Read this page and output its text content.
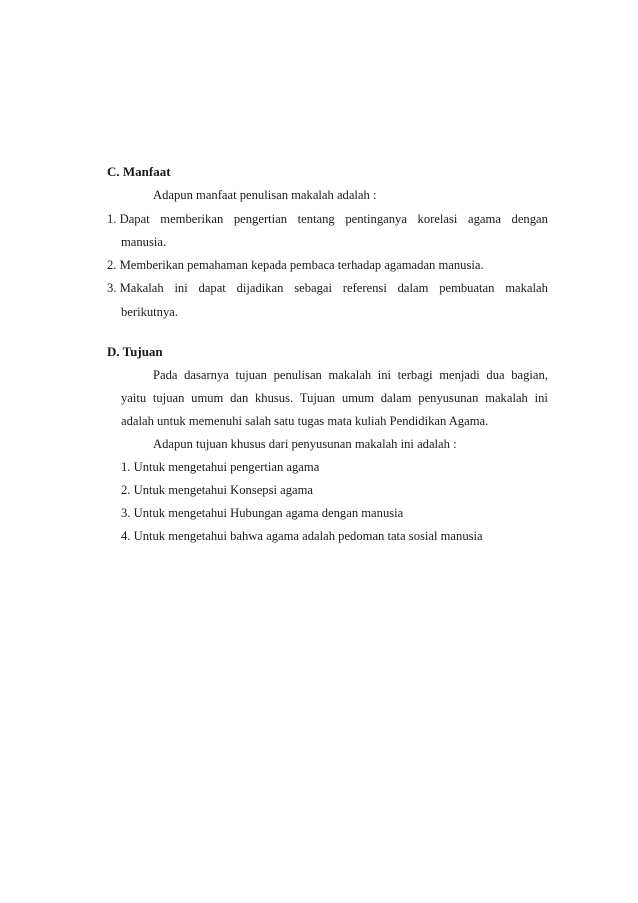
C. Manfaat
Adapun manfaat penulisan makalah adalah :
1. Dapat memberikan pengertian tentang pentinganya korelasi agama dengan
manusia.
2. Memberikan pemahaman kepada pembaca terhadap agamadan manusia.
3. Makalah ini dapat dijadikan sebagai referensi dalam pembuatan makalah
berikutnya.
D. Tujuan
Pada dasarnya tujuan penulisan makalah ini terbagi menjadi dua bagian,
yaitu tujuan umum dan khusus. Tujuan umum dalam penyusunan makalah ini
adalah untuk memenuhi salah satu tugas mata kuliah Pendidikan Agama.
Adapun tujuan khusus dari penyusunan makalah ini adalah :
1. Untuk mengetahui pengertian agama
2. Untuk mengetahui Konsepsi agama
3. Untuk mengetahui Hubungan agama dengan manusia
4. Untuk mengetahui bahwa agama adalah pedoman tata sosial manusia
